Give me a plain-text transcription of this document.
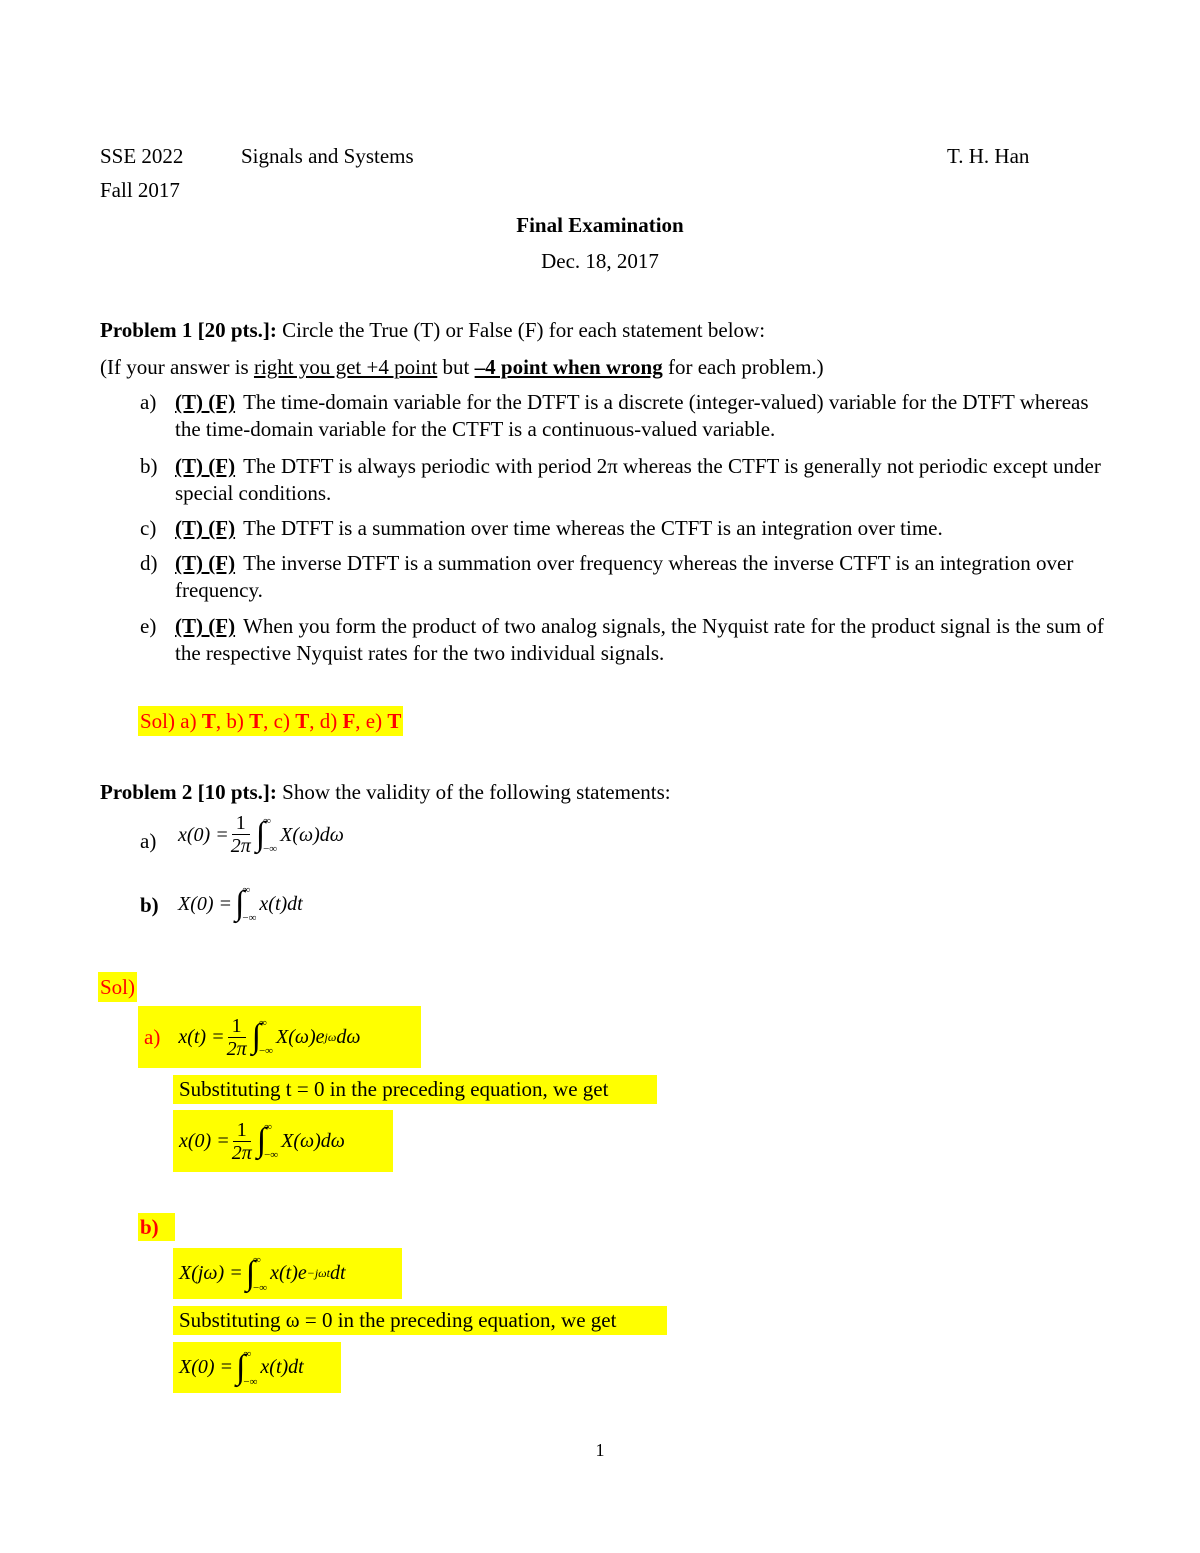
SSE 2022	Signals and Systems	T. H. Han
Fall 2017
Final Examination
Dec. 18, 2017
Problem 1 [20 pts.]: Circle the True (T) or False (F) for each statement below:
(If your answer is right you get +4 point but –4 point when wrong for each problem.)
a) (T) (F) The time-domain variable for the DTFT is a discrete (integer-valued) variable for the DTFT whereas the time-domain variable for the CTFT is a continuous-valued variable.
b) (T) (F) The DTFT is always periodic with period 2π whereas the CTFT is generally not periodic except under special conditions.
c) (T) (F) The DTFT is a summation over time whereas the CTFT is an integration over time.
d) (T) (F) The inverse DTFT is a summation over frequency whereas the inverse CTFT is an integration over frequency.
e) (T) (F) When you form the product of two analog signals, the Nyquist rate for the product signal is the sum of the respective Nyquist rates for the two individual signals.
Sol) a) T, b) T, c) T, d) F, e) T
Problem 2 [10 pts.]: Show the validity of the following statements:
a) $x(0) = \frac{1}{2\pi}$ ∫
∞
−∞
X(ω)dω
b) X(0) = ∫
∞
−∞
x(t)dt
Sol)
a) $x(t) = \frac{1}{2\pi}$ ∫
∞
−∞
X(ω)e jω dω
Substituting t = 0 in the preceding equation, we get
$x(0) = \frac{1}{2\pi}$ ∫
∞
−∞
X(ω)dω
b)
X(jω) = ∫
∞
−∞
x(t)e −jωt dt
Substituting ω = 0 in the preceding equation, we get
X(0) = ∫
∞
−∞
x(t)dt
1
